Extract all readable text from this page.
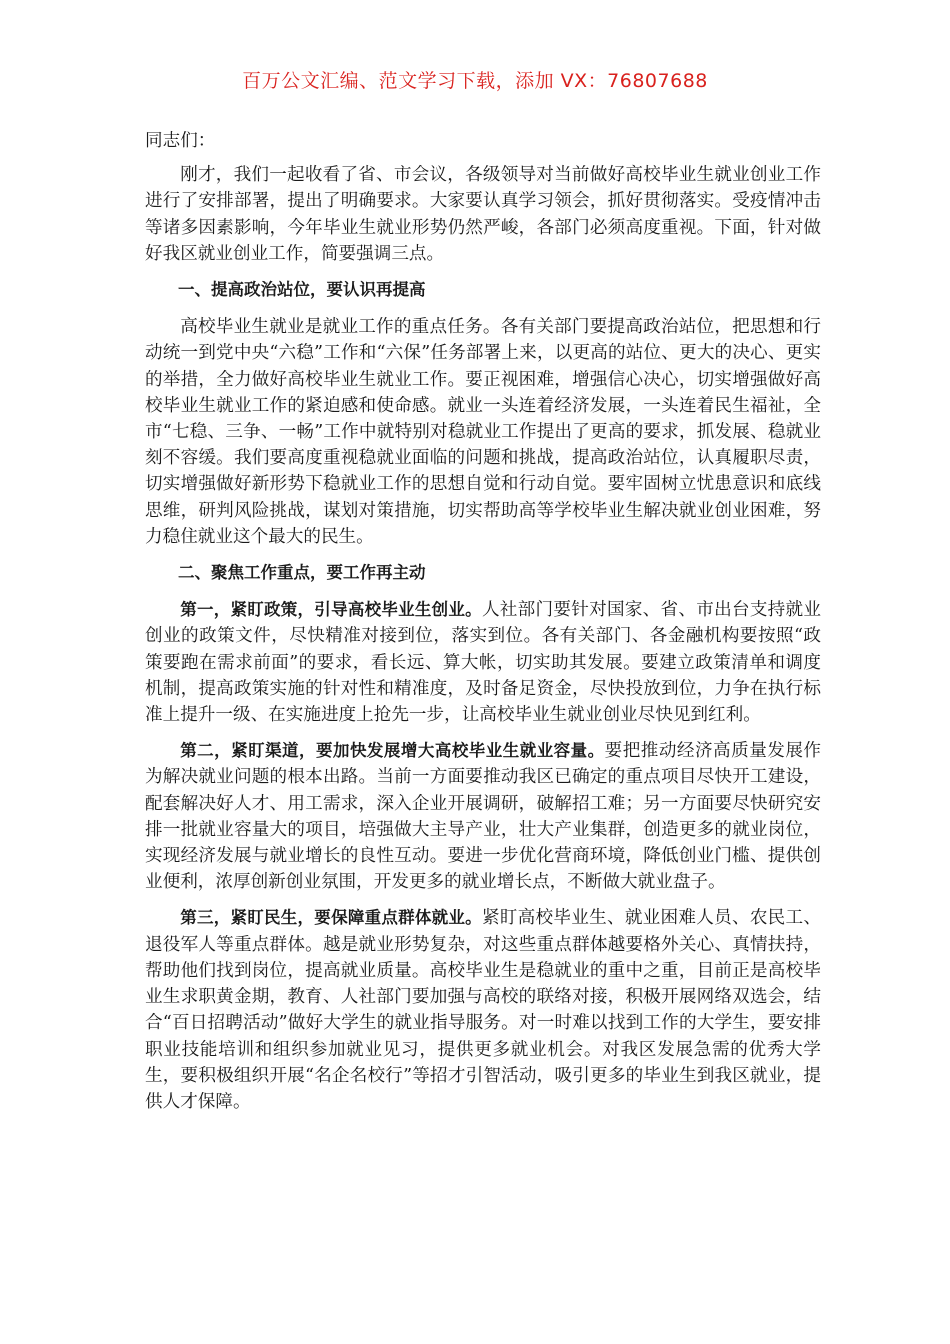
百万公文汇编、范文学习下载，添加 VX：76807688

同志们：

刚才，我们一起收看了省、市会议，各级领导对当前做好高校毕业生就业创业工作进行了安排部署，提出了明确要求。大家要认真学习领会，抓好贯彻落实。受疫情冲击等诸多因素影响，今年毕业生就业形势仍然严峻，各部门必须高度重视。下面，针对做好我区就业创业工作，简要强调三点。

一、提高政治站位，要认识再提高

高校毕业生就业是就业工作的重点任务。各有关部门要提高政治站位，把思想和行动统一到党中央“六稳”工作和“六保”任务部署上来，以更高的站位、更大的决心、更实的举措，全力做好高校毕业生就业工作。要正视困难，增强信心决心，切实增强做好高校毕业生就业工作的紧迫感和使命感。就业一头连着经济发展，一头连着民生福祉，全市“七稳、三争、一畅”工作中就特别对稳就业工作提出了更高的要求，抓发展、稳就业刻不容缓。我们要高度重视稳就业面临的问题和挑战，提高政治站位，认真履职尽责，切实增强做好新形势下稳就业工作的思想自觉和行动自觉。要牢固树立忧患意识和底线思维，研判风险挑战，谋划对策措施，切实帮助高等学校毕业生解决就业创业困难，努力稳住就业这个最大的民生。

二、聚焦工作重点，要工作再主动

第一，紧盯政策，引导高校毕业生创业。人社部门要针对国家、省、市出台支持就业创业的政策文件，尽快精准对接到位，落实到位。各有关部门、各金融机构要按照“政策要跑在需求前面”的要求，看长远、算大帐，切实助其发展。要建立政策清单和调度机制，提高政策实施的针对性和精准度，及时备足资金，尽快投放到位，力争在执行标准上提升一级、在实施进度上抢先一步，让高校毕业生就业创业尽快见到红利。

第二，紧盯渠道，要加快发展增大高校毕业生就业容量。要把推动经济高质量发展作为解决就业问题的根本出路。当前一方面要推动我区已确定的重点项目尽快开工建设，配套解决好人才、用工需求，深入企业开展调研，破解招工难；另一方面要尽快研究安排一批就业容量大的项目，培强做大主导产业，壮大产业集群，创造更多的就业岗位，实现经济发展与就业增长的良性互动。要进一步优化营商环境，降低创业门槛、提供创业便利，浓厚创新创业氛围，开发更多的就业增长点，不断做大就业盘子。

第三，紧盯民生，要保障重点群体就业。紧盯高校毕业生、就业困难人员、农民工、退役军人等重点群体。越是就业形势复杂，对这些重点群体越要格外关心、真情扶持，帮助他们找到岗位，提高就业质量。高校毕业生是稳就业的重中之重，目前正是高校毕业生求职黄金期，教育、人社部门要加强与高校的联络对接，积极开展网络双选会，结合“百日招聘活动”做好大学生的就业指导服务。对一时难以找到工作的大学生，要安排职业技能培训和组织参加就业见习，提供更多就业机会。对我区发展急需的优秀大学生，要积极组织开展“名企名校行”等招才引智活动，吸引更多的毕业生到我区就业，提供人才保障。
